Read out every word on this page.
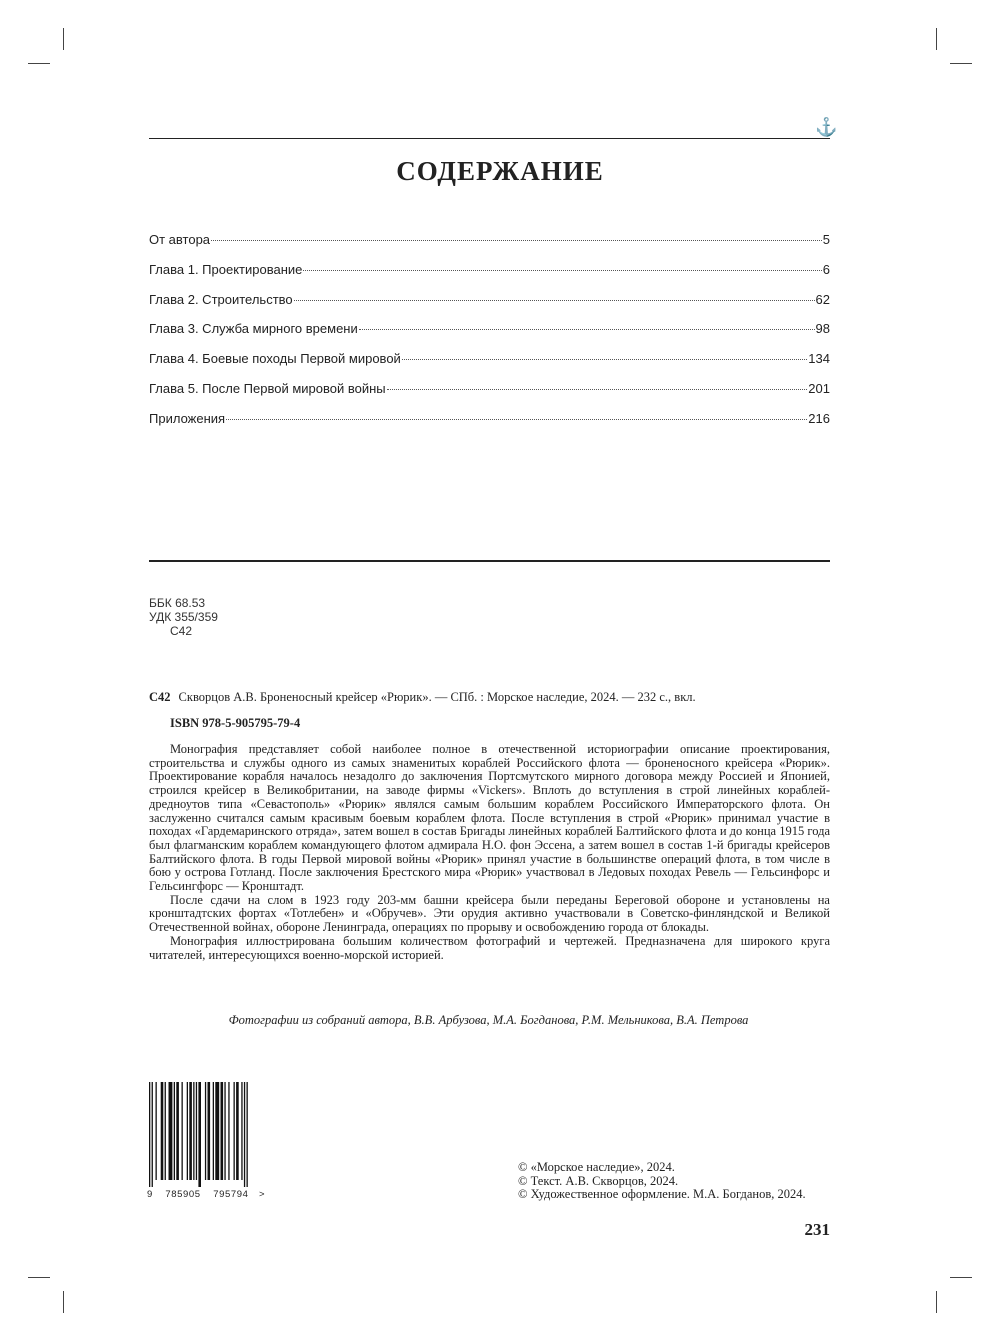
⚓
СОДЕРЖАНИЕ
От автора	5
Глава 1. Проектирование	6
Глава 2. Строительство	62
Глава 3. Служба мирного времени	98
Глава 4. Боевые походы Первой мировой	134
Глава 5. После Первой мировой войны	201
Приложения	216
ББК 68.53
УДК 355/359
С42
С42 Скворцов А.В. Броненосный крейсер «Рюрик». — СПб. : Морское наследие, 2024. — 232 с., вкл.
ISBN 978-5-905795-79-4

Монография представляет собой наиболее полное в отечественной историографии описание проектирования, строительства и службы одного из самых знаменитых кораблей Российского флота — броненосного крейсера «Рюрик». Проектирование корабля началось незадолго до заключения Портсмутского мирного договора между Россией и Японией, строился крейсер в Великобритании, на заводе фирмы «Vickers». Вплоть до вступления в строй линейных кораблей-дредноутов типа «Севастополь» «Рюрик» являлся самым большим кораблем Российского Императорского флота. Он заслуженно считался самым красивым боевым кораблем флота. После вступления в строй «Рюрик» принимал участие в походах «Гардемаринского отряда», затем вошел в состав Бригады линейных кораблей Балтийского флота и до конца 1915 года был флагманским кораблем командующего флотом адмирала Н.О. фон Эссена, а затем вошел в состав 1-й бригады крейсеров Балтийского флота. В годы Первой мировой войны «Рюрик» принял участие в большинстве операций флота, в том числе в бою у острова Готланд. После заключения Брестского мира «Рюрик» участвовал в Ледовых походах Ревель — Гельсинфорс и Гельсингфорс — Кронштадт.

После сдачи на слом в 1923 году 203-мм башни крейсера были переданы Береговой обороне и установлены на кронштадтских фортах «Тотлебен» и «Обручев». Эти орудия активно участвовали в Советско-финляндской и Великой Отечественной войнах, обороне Ленинграда, операциях по прорыву и освобождению города от блокады.

Монография иллюстрирована большим количеством фотографий и чертежей. Предназначена для широкого круга читателей, интересующихся военно-морской историей.

Фотографии из собраний автора, В.В. Арбузова, М.А. Богданова, Р.М. Мельникова, В.А. Петрова
9 785905 795794 >
© «Морское наследие», 2024.
© Текст. А.В. Скворцов, 2024.
© Художественное оформление. М.А. Богданов, 2024.
231
